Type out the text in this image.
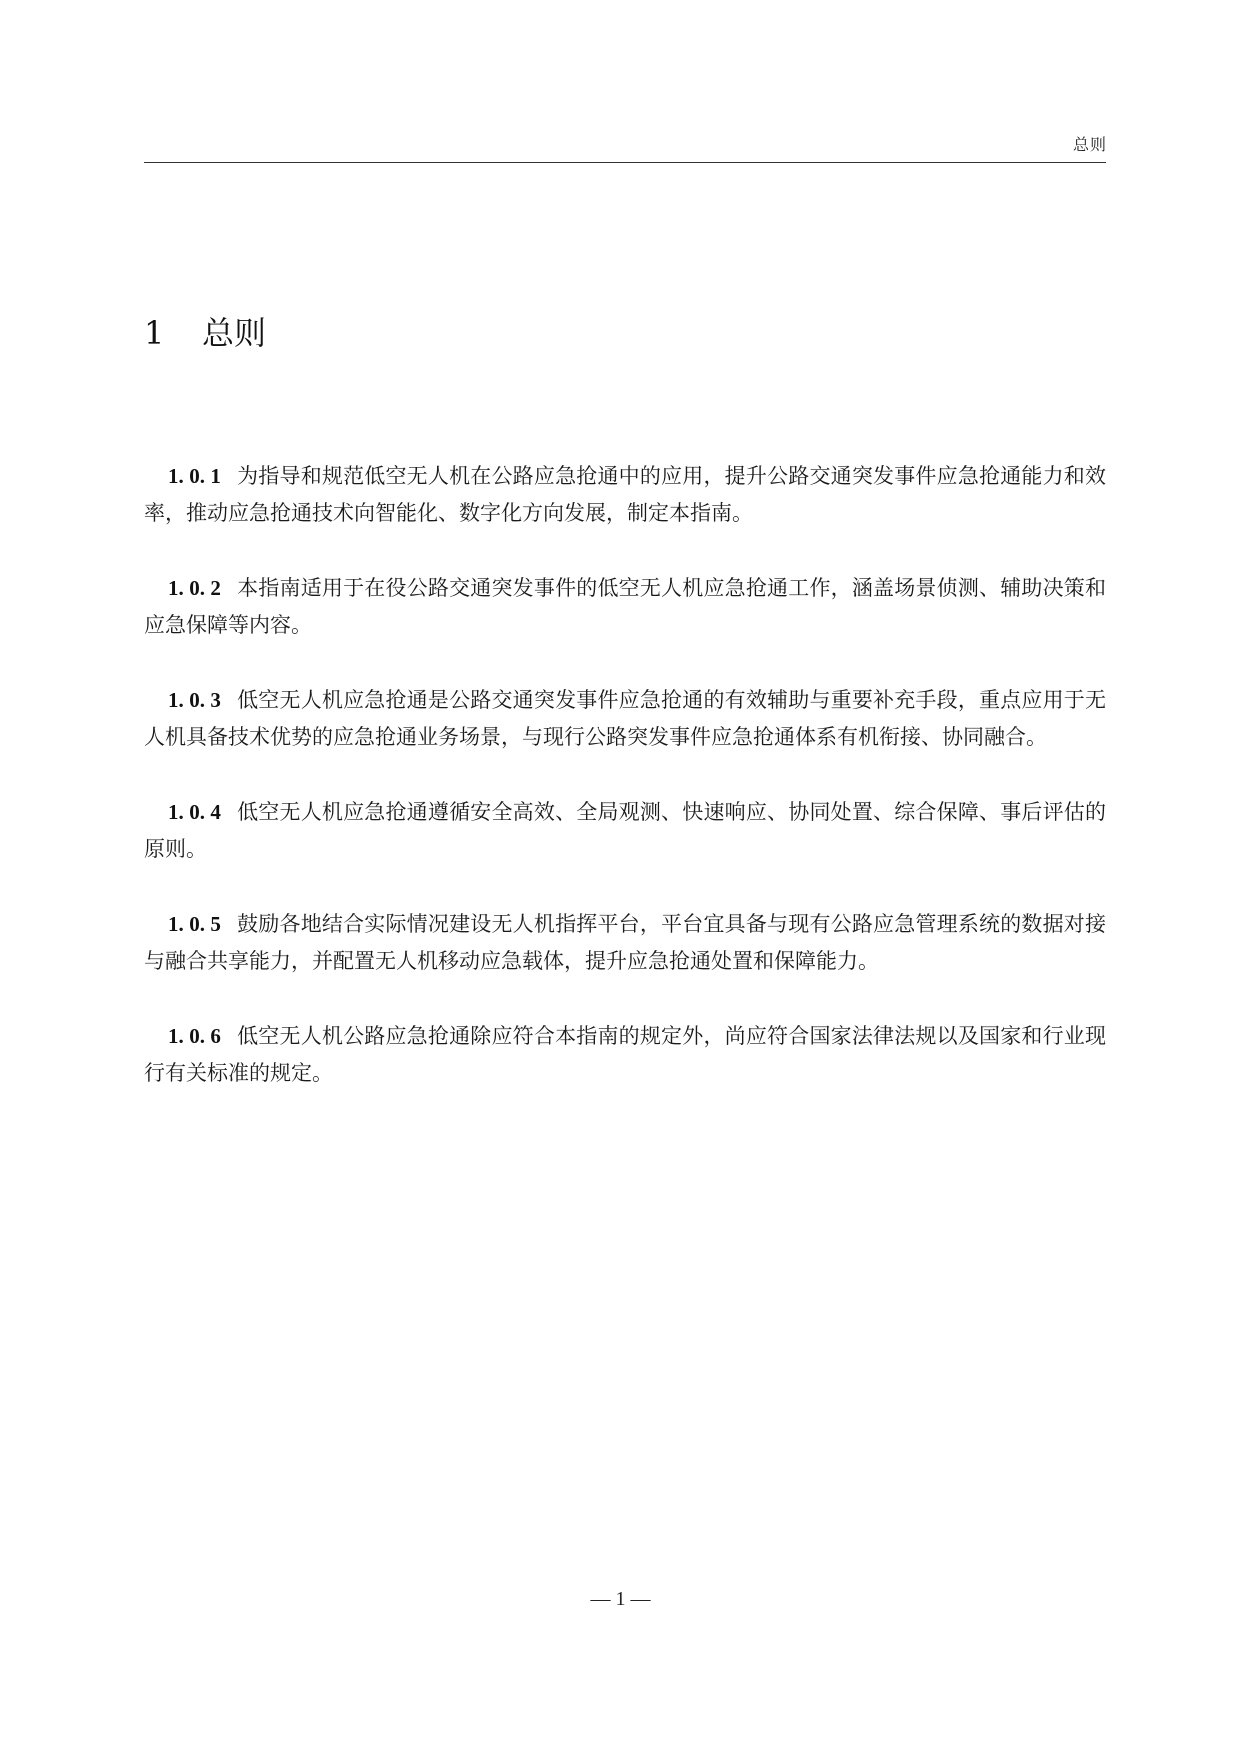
总则
1 总则

1. 0. 1 为指导和规范低空无人机在公路应急抢通中的应用，提升公路交通突发事件应急抢通能力和效率，推动应急抢通技术向智能化、数字化方向发展，制定本指南。

1. 0. 2 本指南适用于在役公路交通突发事件的低空无人机应急抢通工作，涵盖场景侦测、辅助决策和应急保障等内容。

1. 0. 3 低空无人机应急抢通是公路交通突发事件应急抢通的有效辅助与重要补充手段，重点应用于无人机具备技术优势的应急抢通业务场景，与现行公路突发事件应急抢通体系有机衔接、协同融合。

1. 0. 4 低空无人机应急抢通遵循安全高效、全局观测、快速响应、协同处置、综合保障、事后评估的原则。

1. 0. 5 鼓励各地结合实际情况建设无人机指挥平台，平台宜具备与现有公路应急管理系统的数据对接与融合共享能力，并配置无人机移动应急载体，提升应急抢通处置和保障能力。

1. 0. 6 低空无人机公路应急抢通除应符合本指南的规定外，尚应符合国家法律法规以及国家和行业现行有关标准的规定。

— 1 —
